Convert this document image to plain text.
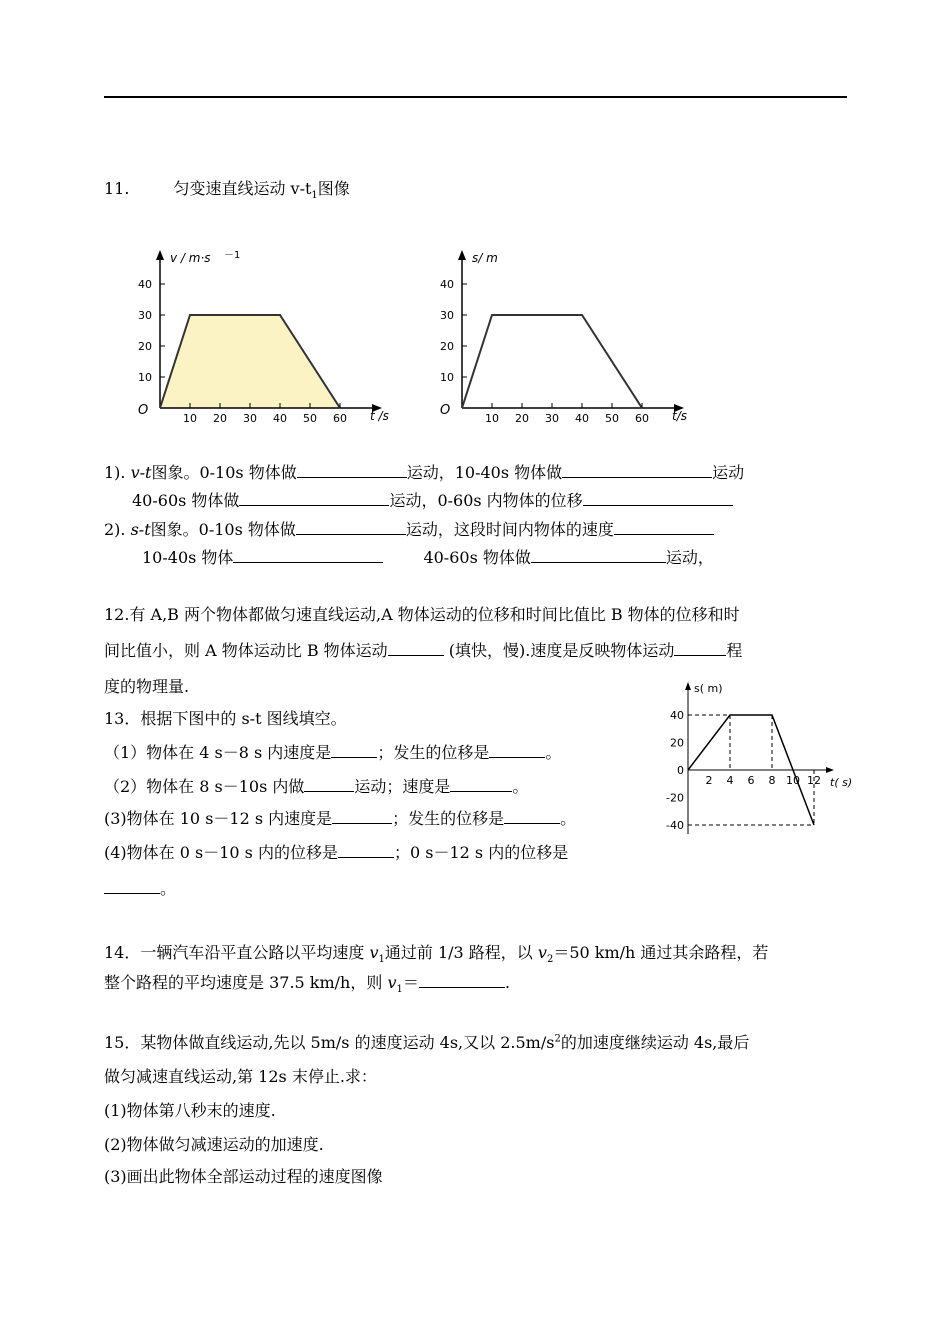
11.	匀变速直线运动 $v-t_1$图像
v / m·s －1
O	t /s
10
20
30
40
10 20 30 40 50 60
s/ m
O	t/s
10
20
30
40
10 20 30 40 50 60
1). v-t图象。0-10s 物体做	运动，10-40s 物体做	运动
40-60s 物体做	运动，0-60s 内物体的位移
2). s-t图象。0-10s 物体做	运动，这段时间内物体的速度
10-40s 物体	40-60s 物体做	运动，
12.有 A,B 两个物体都做匀速直线运动,A 物体运动的位移和时间比值比 B 物体的位移和时
间比值小，则 A 物体运动比 B 物体运动	(填快，慢).速度是反映物体运动	程
度的物理量.
13．根据下图中的 s-t 图线填空。
（1）物体在 4 s－8 s 内速度是	；发生的位移是	。
（2）物体在 8 s－10s 内做	运动；速度是	。
(3)物体在 10 s－12 s 内速度是	；发生的位移是	。
(4)物体在 0 s－10 s 内的位移是	；0 s－12 s 内的位移是
。
s( m)
t( s)
40
20
0
-20
-40
2 4 6 8 10 12
14．一辆汽车沿平直公路以平均速度 $v_1$通过前 1/3 路程，以 $v_2=50$ km/h 通过其余路程，若
整个路程的平均速度是 37.5 km/h，则 $v_1=$	.
15．某物体做直线运动,先以 5m/s 的速度运动 4s,又以 $2.5m/s^2$的加速度继续运动 4s,最后
做匀减速直线运动,第 12s 末停止.求：
(1)物体第八秒末的速度.
(2)物体做匀减速运动的加速度.
(3)画出此物体全部运动过程的速度图像
